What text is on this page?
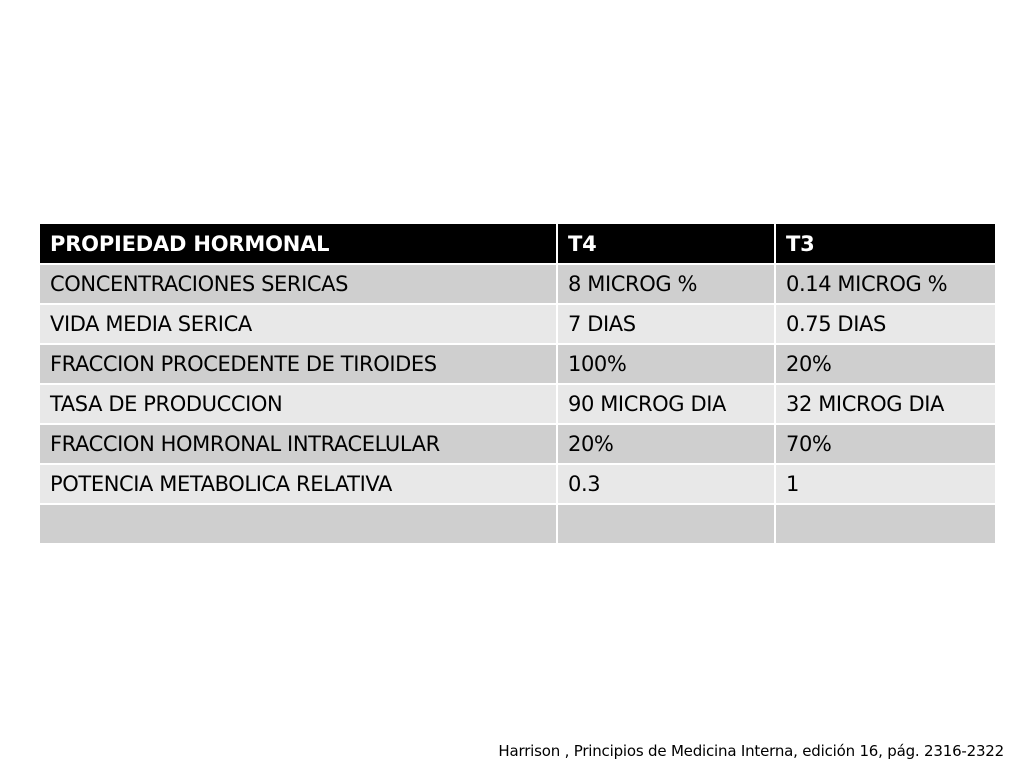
PROPIEDAD HORMONAL	T4	T3
CONCENTRACIONES SERICAS	8 MICROG %	0.14 MICROG %
VIDA MEDIA SERICA	7 DIAS	0.75 DIAS
FRACCION PROCEDENTE DE TIROIDES	100%	20%
TASA DE PRODUCCION	90 MICROG DIA	32 MICROG DIA
FRACCION HOMRONAL INTRACELULAR	20%	70%
POTENCIA METABOLICA RELATIVA	0.3	1

Harrison , Principios de Medicina Interna, edición 16, pág. 2316-2322
